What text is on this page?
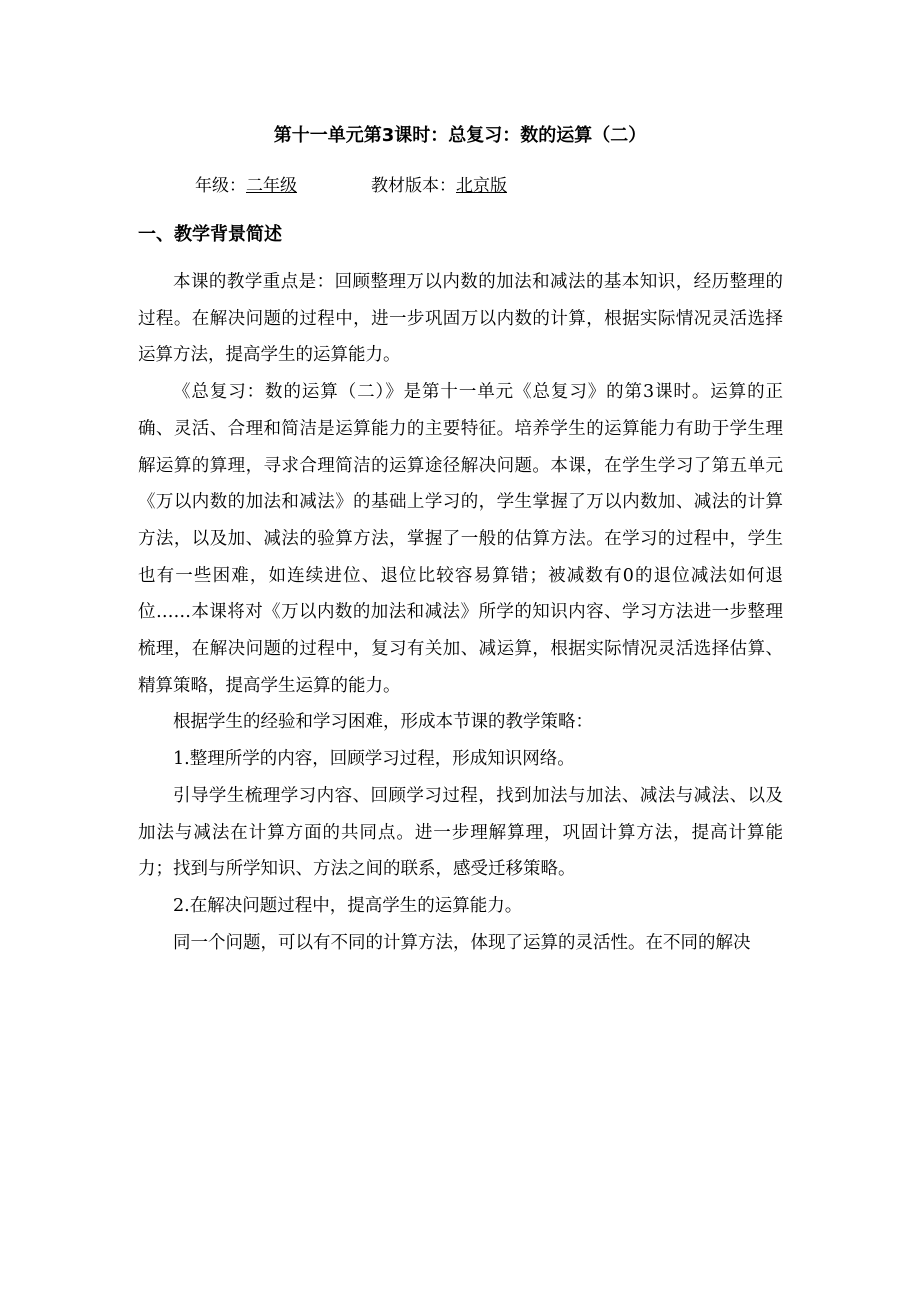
第十一单元第3课时：总复习：数的运算（二）
年级：二年级	教材版本：北京版
一、教学背景简述

本课的教学重点是：回顾整理万以内数的加法和减法的基本知识，经历整理的过程。在解决问题的过程中，进一步巩固万以内数的计算，根据实际情况灵活选择运算方法，提高学生的运算能力。

《总复习：数的运算（二）》是第十一单元《总复习》的第3课时。运算的正确、灵活、合理和简洁是运算能力的主要特征。培养学生的运算能力有助于学生理解运算的算理，寻求合理简洁的运算途径解决问题。本课，在学生学习了第五单元《万以内数的加法和减法》的基础上学习的，学生掌握了万以内数加、减法的计算方法，以及加、减法的验算方法，掌握了一般的估算方法。在学习的过程中，学生也有一些困难，如连续进位、退位比较容易算错；被减数有0的退位减法如何退位……本课将对《万以内数的加法和减法》所学的知识内容、学习方法进一步整理梳理，在解决问题的过程中，复习有关加、减运算，根据实际情况灵活选择估算、精算策略，提高学生运算的能力。

根据学生的经验和学习困难，形成本节课的教学策略：

1.整理所学的内容，回顾学习过程，形成知识网络。

引导学生梳理学习内容、回顾学习过程，找到加法与加法、减法与减法、以及加法与减法在计算方面的共同点。进一步理解算理，巩固计算方法，提高计算能力；找到与所学知识、方法之间的联系，感受迁移策略。

2.在解决问题过程中，提高学生的运算能力。

同一个问题，可以有不同的计算方法，体现了运算的灵活性。在不同的解决
